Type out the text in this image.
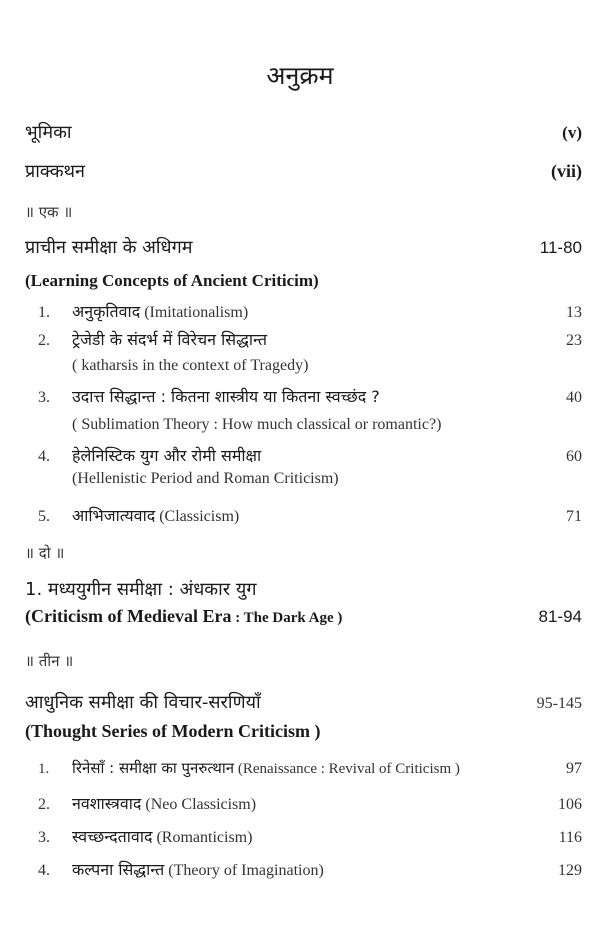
अनुक्रम
भूमिका	(v)
प्राक्कथन	(vii)
॥ एक ॥
प्राचीन समीक्षा के अधिगम	11-80
(Learning Concepts of Ancient Criticim)
1.	अनुकृतिवाद (Imitationalism)	13
2.	ट्रेजेडी के संदर्भ में विरेचन सिद्धान्त	23
( katharsis in the context of Tragedy)
3.	उदात्त सिद्धान्त : कितना शास्त्रीय या कितना स्वच्छंद ?	40
( Sublimation Theory : How much classical or romantic?)
4.	हेलेनिस्टिक युग और रोमी समीक्षा	60
(Hellenistic Period and Roman Criticism)
5.	आभिजात्यवाद (Classicism)	71
॥ दो ॥
1. मध्ययुगीन समीक्षा : अंधकार युग
(Criticism of Medieval Era : The Dark Age )	81-94
॥ तीन ॥
आधुनिक समीक्षा की विचार-सरणियाँ	95-145
(Thought Series of Modern Criticism )
1.	रिनेसॉं : समीक्षा का पुनरुत्थान (Renaissance : Revival of Criticism )	97
2.	नवशास्त्रवाद (Neo Classicism)	106
3.	स्वच्छन्दतावाद (Romanticism)	116
4.	कल्पना सिद्धान्त (Theory of Imagination)	129
